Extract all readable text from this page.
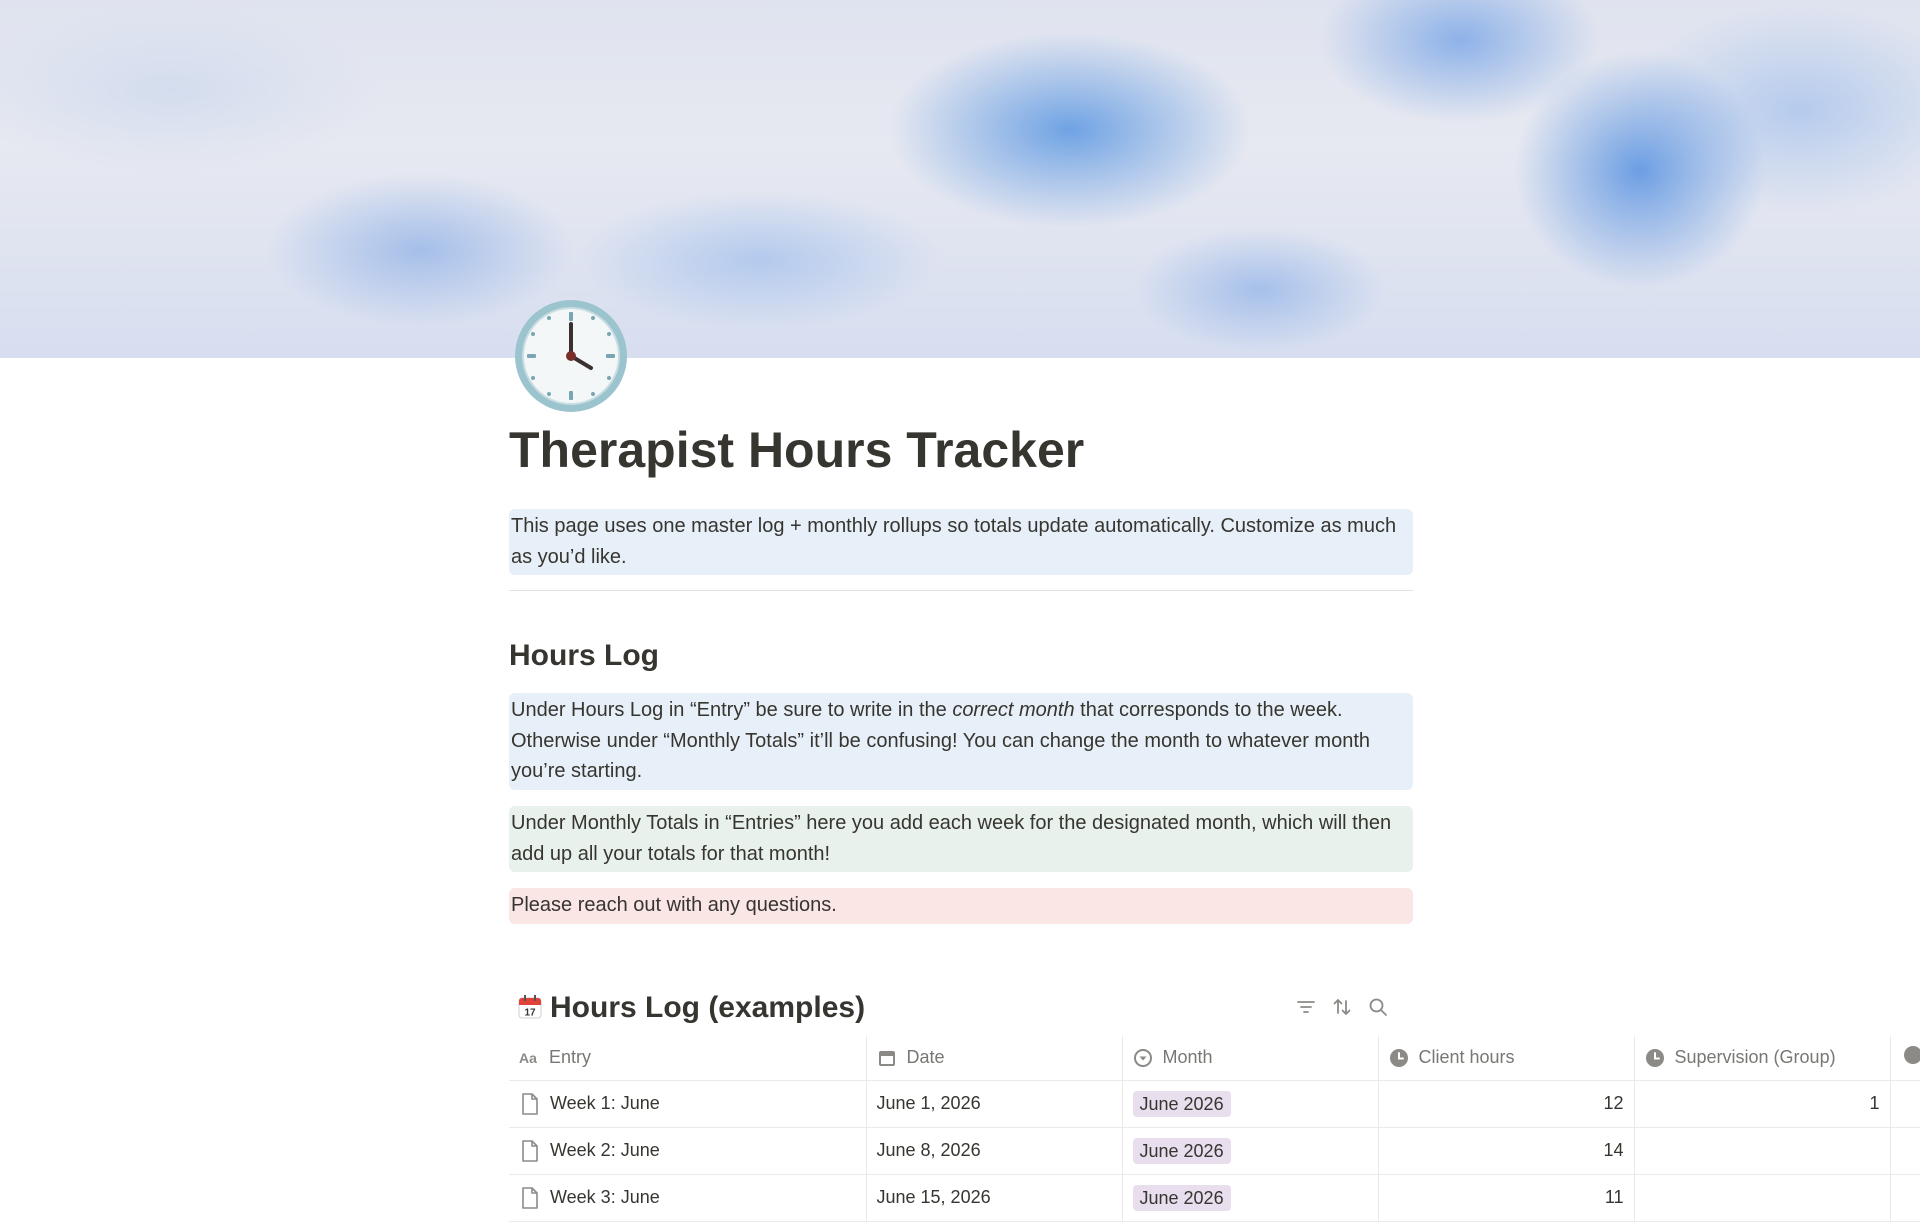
Therapist Hours Tracker
This page uses one master log + monthly rollups so totals update automatically. Customize as much as you’d like.
Hours Log
Under Hours Log in “Entry” be sure to write in the correct month that corresponds to the week. Otherwise under “Monthly Totals” it’ll be confusing! You can change the month to whatever month you’re starting.
Under Monthly Totals in “Entries” here you add each week for the designated month, which will then add up all your totals for that month!
Please reach out with any questions.
17 Hours Log (examples)
Aa Entry	Date	Month	Client hours	Supervision (Group)

Week 1: June	June 1, 2026	June 2026	12	1	

Week 2: June	June 8, 2026	June 2026	14		

Week 3: June	June 15, 2026	June 2026	11		
